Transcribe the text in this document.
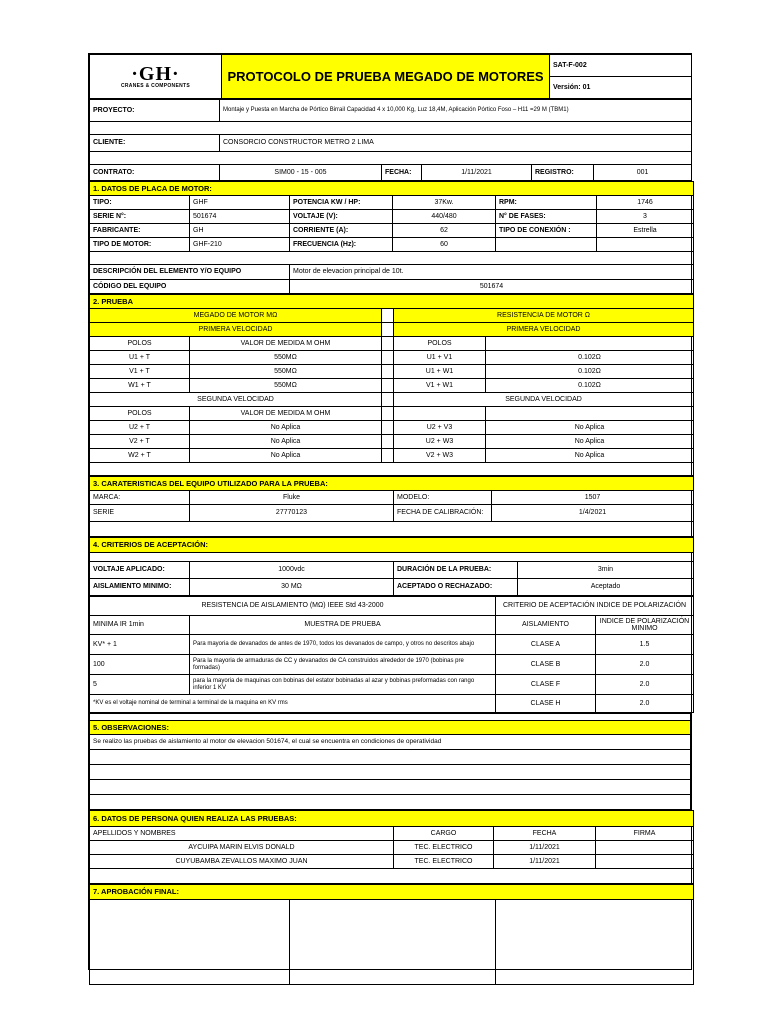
·GH·
CRANES & COMPONENTS
	PROTOCOLO DE PRUEBA MEGADO DE MOTORES	SAT-F-002
Versión: 01
PROYECTO:	Montaje y Puesta en Marcha de Pórtico Birrail Capacidad 4 x 10,000 Kg, Luz 18,4M, Aplicación Pórtico Foso – H11 =29 M (TBM1)				

CLIENTE:	CONSORCIO CONSTRUCTOR METRO 2 LIMA				

CONTRATO:	SIM00 - 15 - 005	FECHA:	1/11/2021	REGISTRO:	001
1. DATOS DE PLACA DE MOTOR:					
TIPO:	GHF	POTENCIA KW / HP:	37Kw.	RPM:	1746
SERIE N°:	501674	VOLTAJE (V):	440/480	N° DE FASES:	3
FABRICANTE:	GH	CORRIENTE (A):	62	TIPO DE CONEXIÓN :	Estrella
TIPO DE MOTOR:	GHF-210	FRECUENCIA (Hz):	60		

DESCRIPCIÓN DEL ELEMENTO Y/O EQUIPO		Motor de elevacion principal de 10t.			
CÓDIGO DEL EQUIPO		501674			
2. PRUEBA				
MEGADO DE MOTOR MΩ			RESISTENCIA DE MOTOR Ω	
PRIMERA VELOCIDAD			PRIMERA VELOCIDAD	
POLOS	VALOR DE MEDIDA M OHM		POLOS	
U1 + T	550MΩ		U1 + V1	0.102Ω
V1 + T	550MΩ		U1 + W1	0.102Ω
W1 + T	550MΩ		V1 + W1	0.102Ω
SEGUNDA VELOCIDAD			SEGUNDA VELOCIDAD	
POLOS	VALOR DE MEDIDA M OHM			
U2 + T	No Aplica		U2 + V3	No Aplica
V2 + T	No Aplica		U2 + W3	No Aplica
W2 + T	No Aplica		V2 + W3	No Aplica

3. CARATERISTICAS DEL EQUIPO UTILIZADO PARA LA PRUEBA:			
MARCA:	Fluke	MODELO:	1507
SERIE	27770123	FECHA DE CALIBRACIÓN:	1/4/2021

4. CRITERIOS DE ACEPTACIÓN:			

VOLTAJE APLICADO:	1000vdc	DURACIÓN DE LA PRUEBA:	3min
AISLAMIENTO MINIMO:	30 MΩ	ACEPTADO O RECHAZADO:	Aceptado
RESISTENCIA DE AISLAMIENTO (MΩ) IEEE Std 43-2000		CRITERIO DE ACEPTACIÓN INDICE DE POLARIZACIÓN	
MINIMA IR 1min	MUESTRA DE PRUEBA	AISLAMIENTO	INDICE DE POLARIZACIÓN MINIMO
KV* + 1	Para mayoria de devanados de antes de 1970, todos los devanados de campo, y otros no descritos abajo	CLASE A	1.5
100	Para la mayoria de armaduras de CC y devanados de CA construidos alrededor de 1970 (bobinas pre formadas)	CLASE B	2.0
5	para la mayoria de maquinas con bobinas del estator bobinadas al azar y bobinas preformadas con rango inferior 1 KV	CLASE F	2.0
*KV es el voltaje nominal de terminal a terminal de la maquina en KV rms		CLASE H	2.0

5. OBSERVACIONES:
Se realizo las pruebas de aislamiento al motor de elevacion 501674, el cual se encuentra en condiciones de operatividad

6. DATOS DE PERSONA QUIEN REALIZA LAS PRUEBAS:			
APELLIDOS Y NOMBRES	CARGO	FECHA	FIRMA
AYCUIPA MARIN ELVIS DONALD	TEC. ELECTRICO	1/11/2021	
CUYUBAMBA ZEVALLOS MAXIMO JUAN	TEC. ELECTRICO	1/11/2021	

7. APROBACIÓN FINAL:
